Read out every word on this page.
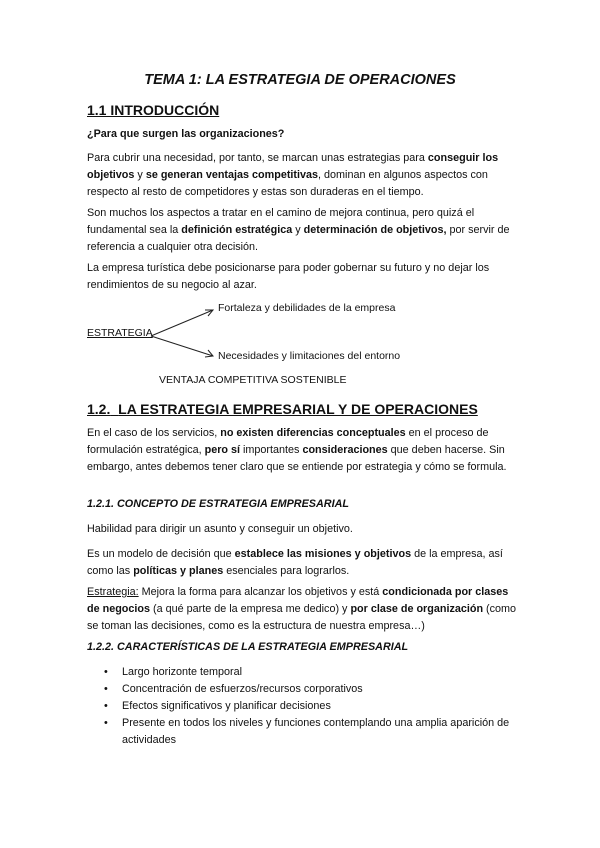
TEMA 1: LA ESTRATEGIA DE OPERACIONES
1.1 INTRODUCCIÓN

¿Para que surgen las organizaciones?

Para cubrir una necesidad, por tanto, se marcan unas estrategias para conseguir los objetivos y se generan ventajas competitivas, dominan en algunos aspectos con respecto al resto de competidores y estas son duraderas en el tiempo.

Son muchos los aspectos a tratar en el camino de mejora continua, pero quizá el fundamental sea la definición estratégica y determinación de objetivos, por servir de referencia a cualquier otra decisión.

La empresa turística debe posicionarse para poder gobernar su futuro y no dejar los rendimientos de su negocio al azar.

ESTRATEGIA

Fortaleza y debilidades de la empresa

Necesidades y limitaciones del entorno

VENTAJA COMPETITIVA SOSTENIBLE

1.2. LA ESTRATEGIA EMPRESARIAL Y DE OPERACIONES

En el caso de los servicios, no existen diferencias conceptuales en el proceso de formulación estratégica, pero sí importantes consideraciones que deben hacerse. Sin embargo, antes debemos tener claro que se entiende por estrategia y cómo se formula.

1.2.1. CONCEPTO DE ESTRATEGIA EMPRESARIAL

Habilidad para dirigir un asunto y conseguir un objetivo.

Es un modelo de decisión que establece las misiones y objetivos de la empresa, así como las políticas y planes esenciales para lograrlos.

Estrategia: Mejora la forma para alcanzar los objetivos y está condicionada por clases de negocios (a qué parte de la empresa me dedico) y por clase de organización (como se toman las decisiones, como es la estructura de nuestra empresa…)

1.2.2. CARACTERÍSTICAS DE LA ESTRATEGIA EMPRESARIAL
• Largo horizonte temporal
• Concentración de esfuerzos/recursos corporativos
• Efectos significativos y planificar decisiones
• Presente en todos los niveles y funciones contemplando una amplia aparición de actividades
